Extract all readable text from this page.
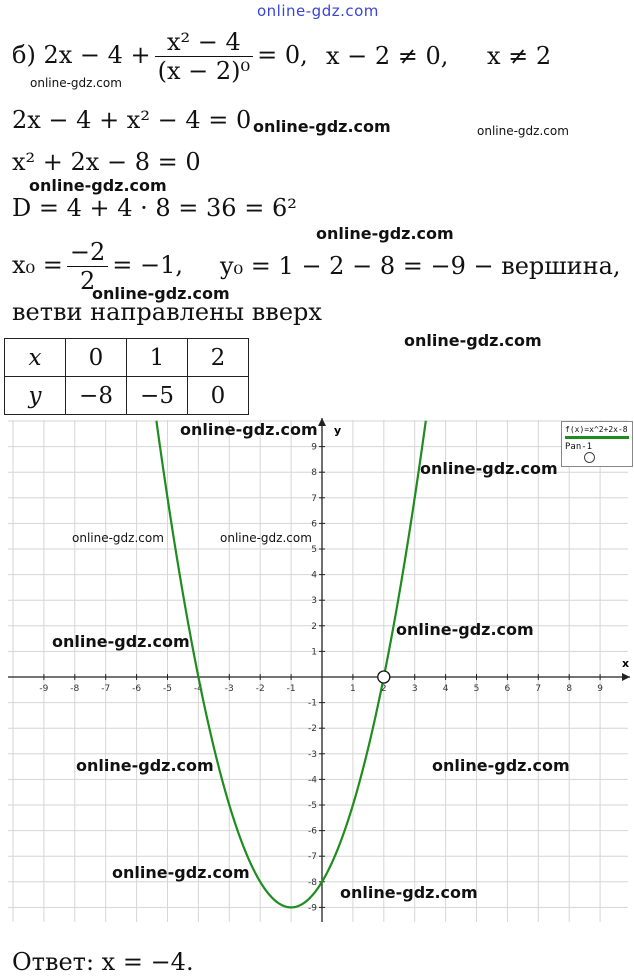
online-gdz.com
б) $2x - 4 + \frac{\text{x² − 4}}{\text{(x − 2)⁰}} = 0$, x − 2 ≠ 0, x ≠ 2
2x − 4 + x² − 4 = 0
x² + 2x − 8 = 0
D = 4 + 4 · 8 = 36 = 6²
$x_0 = \frac{-2}{2} = -1$, y₀ = 1 − 2 − 8 = −9 − вершина,
ветви направлены вверх
x	0	1	2
y	−8	−5	0
-9 -8 -7 -6 -5 -4 -3 -2 -1	1	2	3	4	5	6	7	8	9
-9
-8
-7
-6
-5
-4
-3
-2
-1
1
2
3
4
5
6
7
8
9
x
y	f(x)=x^2+2x-8
Pan-1
Ответ: x = −4.
online-gdz.com
online-gdz.com	online-gdz.com
online-gdz.com
online-gdz.com
online-gdz.com
online-gdz.com
online-gdz.com
online-gdz.com
online-gdz.com	online-gdz.com
online-gdz.com
online-gdz.com
online-gdz.com	online-gdz.com
online-gdz.com
online-gdz.com
